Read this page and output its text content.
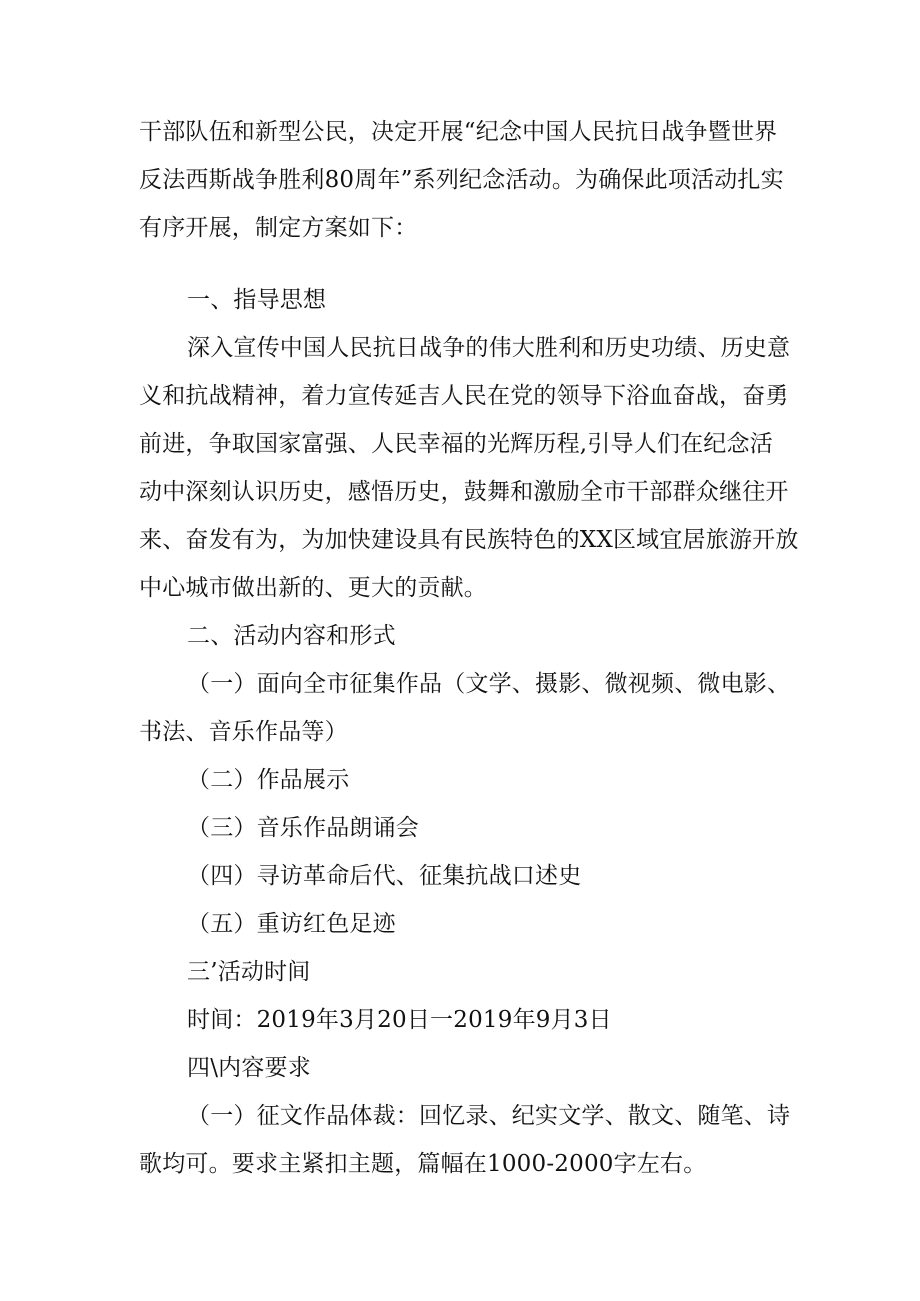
干部队伍和新型公民，决定开展“纪念中国人民抗日战争暨世界
反法西斯战争胜利80周年”系列纪念活动。为确保此项活动扎实
有序开展，制定方案如下：
一、指导思想
深入宣传中国人民抗日战争的伟大胜利和历史功绩、历史意
义和抗战精神，着力宣传延吉人民在党的领导下浴血奋战，奋勇
前进，争取国家富强、人民幸福的光辉历程,引导人们在纪念活
动中深刻认识历史，感悟历史，鼓舞和激励全市干部群众继往开
来、奋发有为，为加快建设具有民族特色的XX区域宜居旅游开放
中心城市做出新的、更大的贡献。
二、活动内容和形式
（一）面向全市征集作品（文学、摄影、微视频、微电影、
书法、音乐作品等）
（二）作品展示
（三）音乐作品朗诵会
（四）寻访革命后代、征集抗战口述史
（五）重访红色足迹
三’活动时间
时间：2019年3月20日一2019年9月3日
四\内容要求
（一）征文作品体裁：回忆录、纪实文学、散文、随笔、诗
歌均可。要求主紧扣主题，篇幅在1000-2000字左右。
